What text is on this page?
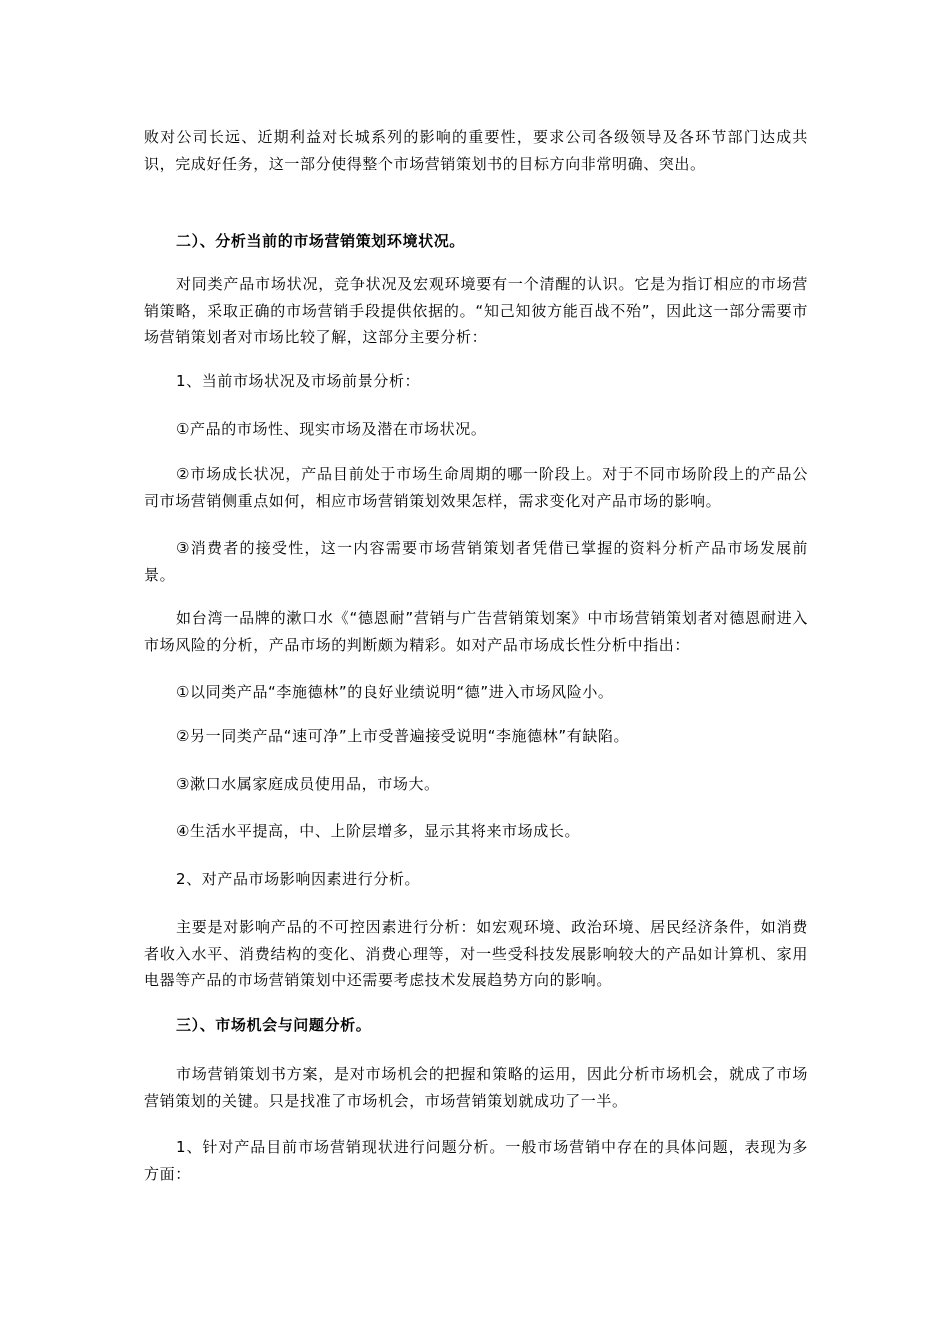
败对公司长远、近期利益对长城系列的影响的重要性，要求公司各级领导及各环节部门达成共识，完成好任务，这一部分使得整个市场营销策划书的目标方向非常明确、突出。

二）、分析当前的市场营销策划环境状况。

对同类产品市场状况，竞争状况及宏观环境要有一个清醒的认识。它是为指订相应的市场营销策略，采取正确的市场营销手段提供依据的。“知己知彼方能百战不殆”，因此这一部分需要市场营销策划者对市场比较了解，这部分主要分析：

1、当前市场状况及市场前景分析：

①产品的市场性、现实市场及潜在市场状况。

②市场成长状况，产品目前处于市场生命周期的哪一阶段上。对于不同市场阶段上的产品公司市场营销侧重点如何，相应市场营销策划效果怎样，需求变化对产品市场的影响。

③消费者的接受性，这一内容需要市场营销策划者凭借已掌握的资料分析产品市场发展前景。

如台湾一品牌的漱口水《“德恩耐”营销与广告营销策划案》中市场营销策划者对德恩耐进入市场风险的分析，产品市场的判断颇为精彩。如对产品市场成长性分析中指出：

①以同类产品“李施德林”的良好业绩说明“德”进入市场风险小。

②另一同类产品“速可净”上市受普遍接受说明“李施德林”有缺陷。

③漱口水属家庭成员使用品，市场大。

④生活水平提高，中、上阶层增多，显示其将来市场成长。

2、对产品市场影响因素进行分析。

主要是对影响产品的不可控因素进行分析：如宏观环境、政治环境、居民经济条件，如消费者收入水平、消费结构的变化、消费心理等，对一些受科技发展影响较大的产品如计算机、家用电器等产品的市场营销策划中还需要考虑技术发展趋势方向的影响。

三）、市场机会与问题分析。

市场营销策划书方案，是对市场机会的把握和策略的运用，因此分析市场机会，就成了市场营销策划的关键。只是找准了市场机会，市场营销策划就成功了一半。

1、针对产品目前市场营销现状进行问题分析。一般市场营销中存在的具体问题，表现为多方面：
